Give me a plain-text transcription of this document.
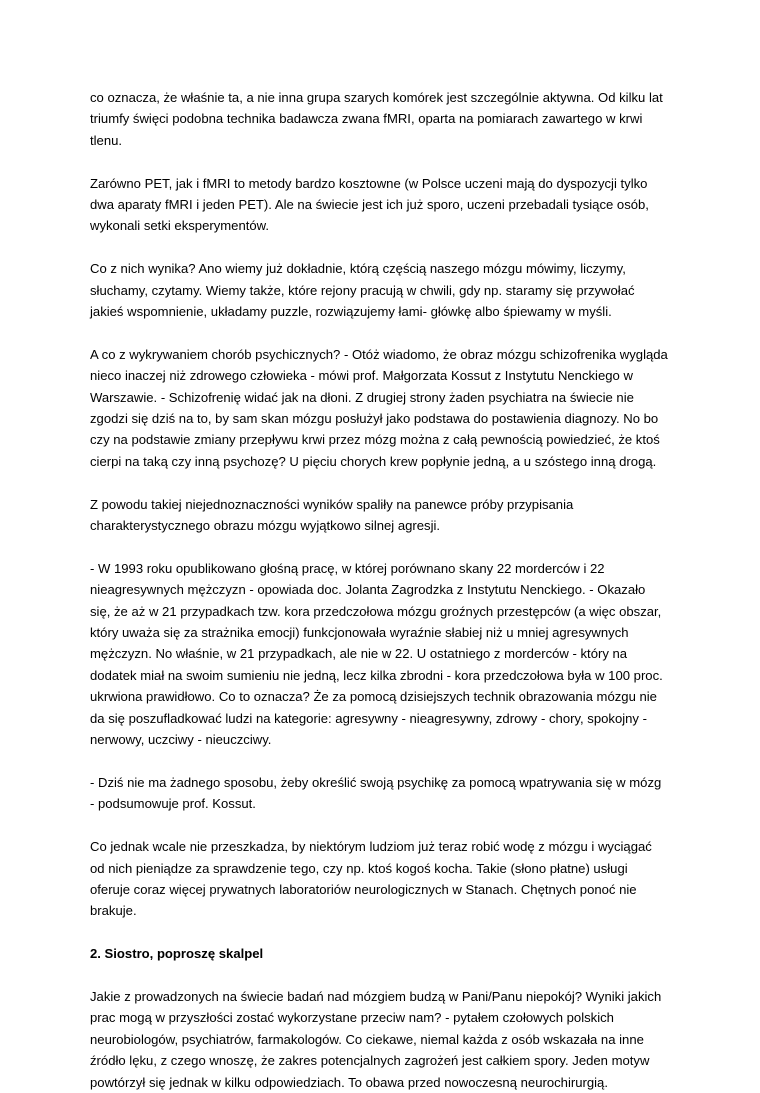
co oznacza, że właśnie ta, a nie inna grupa szarych komórek jest szczególnie aktywna. Od kilku lat triumfy święci podobna technika badawcza zwana fMRI, oparta na pomiarach zawartego w krwi tlenu.

Zarówno PET, jak i fMRI to metody bardzo kosztowne (w Polsce uczeni mają do dyspozycji tylko dwa aparaty fMRI i jeden PET). Ale na świecie jest ich już sporo, uczeni przebadali tysiące osób, wykonali setki eksperymentów.

Co z nich wynika? Ano wiemy już dokładnie, którą częścią naszego mózgu mówimy, liczymy, słuchamy, czytamy. Wiemy także, które rejony pracują w chwili, gdy np. staramy się przywołać jakieś wspomnienie, układamy puzzle, rozwiązujemy łami- główkę albo śpiewamy w myśli.

A co z wykrywaniem chorób psychicznych? - Otóż wiadomo, że obraz mózgu schizofrenika wygląda nieco inaczej niż zdrowego człowieka - mówi prof. Małgorzata Kossut z Instytutu Nenckiego w Warszawie. - Schizofrenię widać jak na dłoni. Z drugiej strony żaden psychiatra na świecie nie zgodzi się dziś na to, by sam skan mózgu posłużył jako podstawa do postawienia diagnozy. No bo czy na podstawie zmiany przepływu krwi przez mózg można z całą pewnością powiedzieć, że ktoś cierpi na taką czy inną psychozę? U pięciu chorych krew popłynie jedną, a u szóstego inną drogą.

Z powodu takiej niejednoznaczności wyników spaliły na panewce próby przypisania charakterystycznego obrazu mózgu wyjątkowo silnej agresji.

- W 1993 roku opublikowano głośną pracę, w której porównano skany 22 morderców i 22 nieagresywnych mężczyzn - opowiada doc. Jolanta Zagrodzka z Instytutu Nenckiego. - Okazało się, że aż w 21 przypadkach tzw. kora przedczołowa mózgu groźnych przestępców (a więc obszar, który uważa się za strażnika emocji) funkcjonowała wyraźnie słabiej niż u mniej agresywnych mężczyzn. No właśnie, w 21 przypadkach, ale nie w 22. U ostatniego z morderców - który na dodatek miał na swoim sumieniu nie jedną, lecz kilka zbrodni - kora przedczołowa była w 100 proc. ukrwiona prawidłowo. Co to oznacza? Że za pomocą dzisiejszych technik obrazowania mózgu nie da się poszufladkować ludzi na kategorie: agresywny - nieagresywny, zdrowy - chory, spokojny - nerwowy, uczciwy - nieuczciwy.

- Dziś nie ma żadnego sposobu, żeby określić swoją psychikę za pomocą wpatrywania się w mózg - podsumowuje prof. Kossut.

Co jednak wcale nie przeszkadza, by niektórym ludziom już teraz robić wodę z mózgu i wyciągać od nich pieniądze za sprawdzenie tego, czy np. ktoś kogoś kocha. Takie (słono płatne) usługi oferuje coraz więcej prywatnych laboratoriów neurologicznych w Stanach. Chętnych ponoć nie brakuje.

2. Siostro, poproszę skalpel

Jakie z prowadzonych na świecie badań nad mózgiem budzą w Pani/Panu niepokój? Wyniki jakich prac mogą w przyszłości zostać wykorzystane przeciw nam? - pytałem czołowych polskich neurobiologów, psychiatrów, farmakologów. Co ciekawe, niemal każda z osób wskazała na inne źródło lęku, z czego wnoszę, że zakres potencjalnych zagrożeń jest całkiem spory. Jeden motyw powtórzył się jednak w kilku odpowiedziach. To obawa przed nowoczesną neurochirurgią.
